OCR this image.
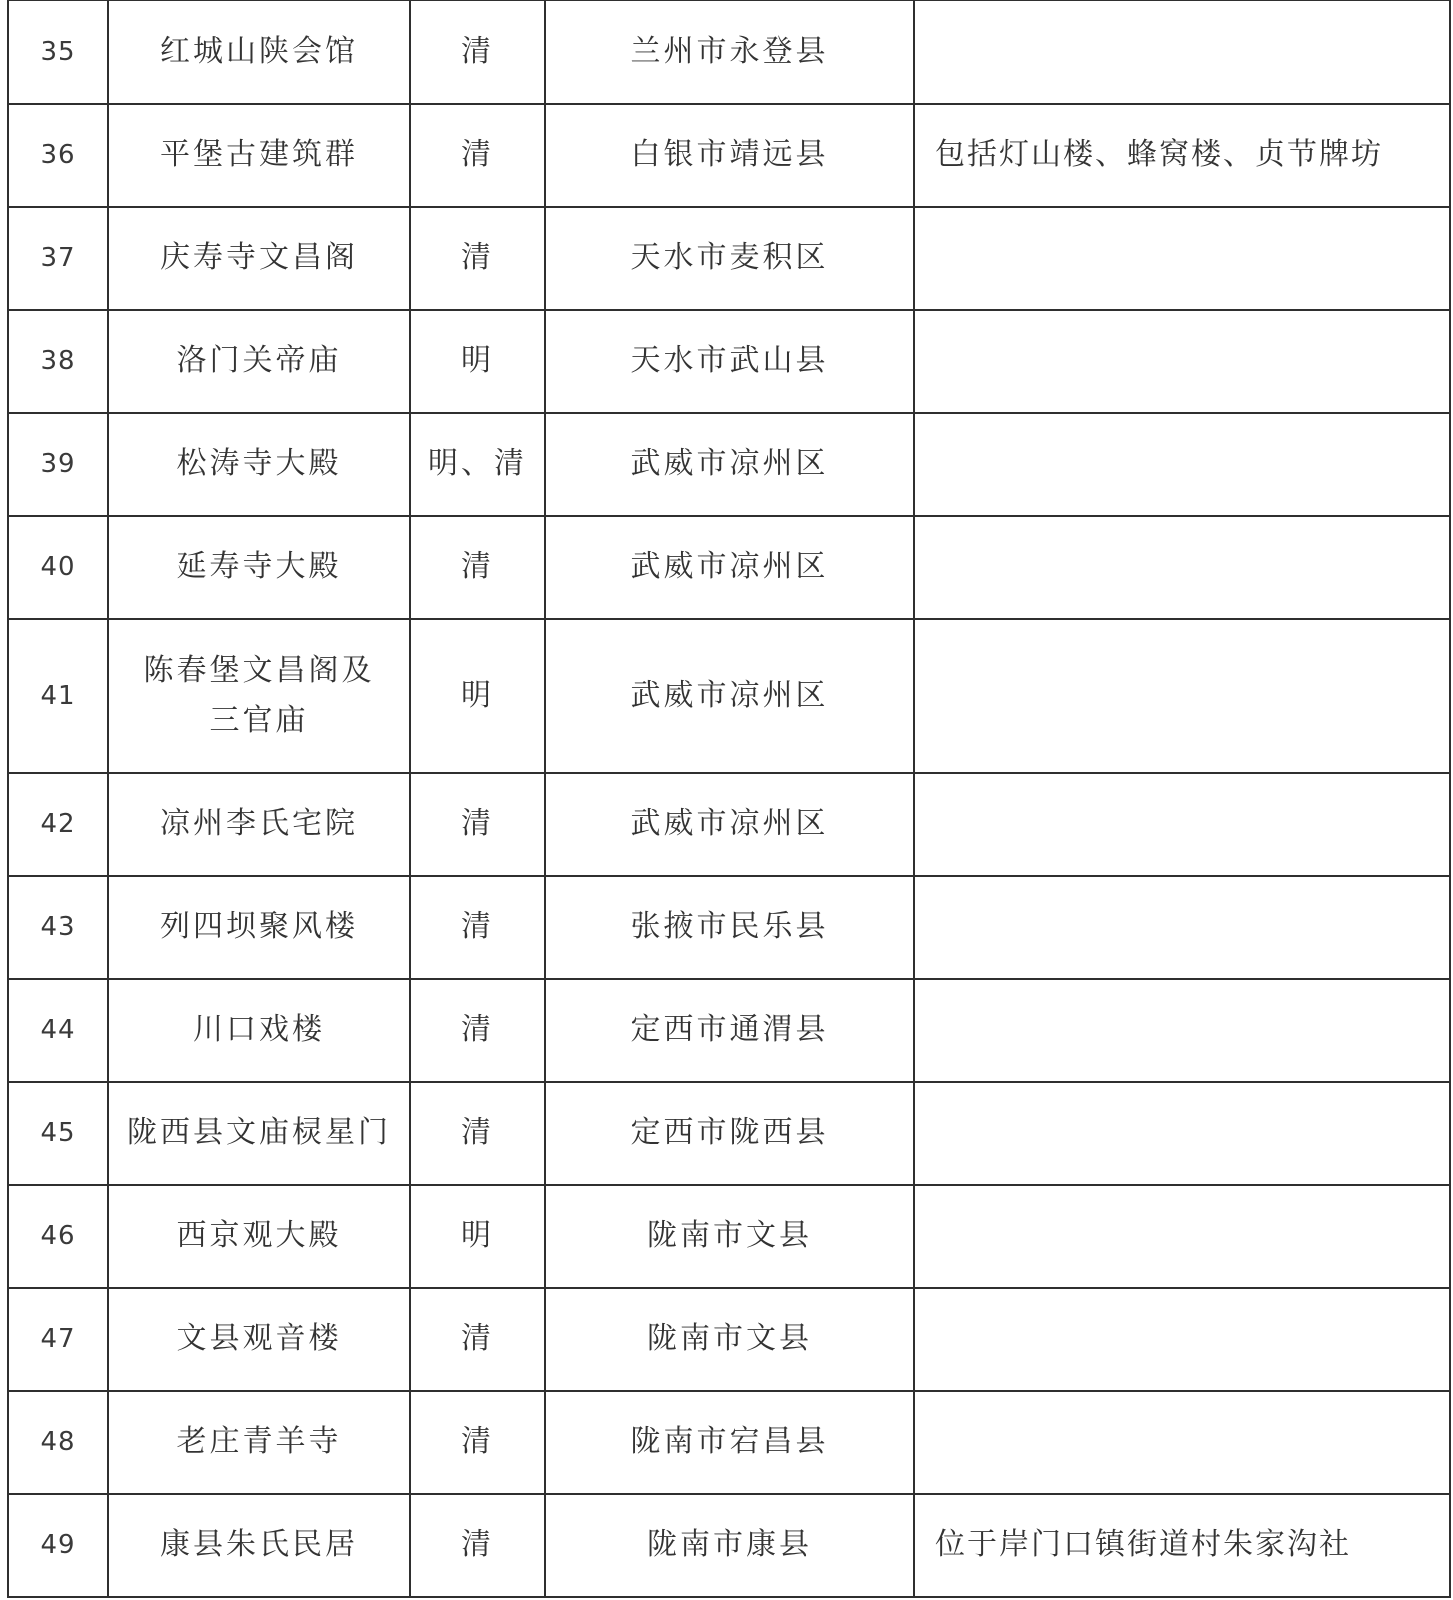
35	红城山陕会馆	清	兰州市永登县	
36	平堡古建筑群	清	白银市靖远县	包括灯山楼、蜂窝楼、贞节牌坊
37	庆寿寺文昌阁	清	天水市麦积区	
38	洛门关帝庙	明	天水市武山县	
39	松涛寺大殿	明、清	武威市凉州区	
40	延寿寺大殿	清	武威市凉州区	
41	陈春堡文昌阁及
三官庙	明	武威市凉州区	
42	凉州李氏宅院	清	武威市凉州区	
43	列四坝聚风楼	清	张掖市民乐县	
44	川口戏楼	清	定西市通渭县	
45	陇西县文庙棂星门	清	定西市陇西县	
46	西京观大殿	明	陇南市文县	
47	文县观音楼	清	陇南市文县	
48	老庄青羊寺	清	陇南市宕昌县	
49	康县朱氏民居	清	陇南市康县	位于岸门口镇街道村朱家沟社
